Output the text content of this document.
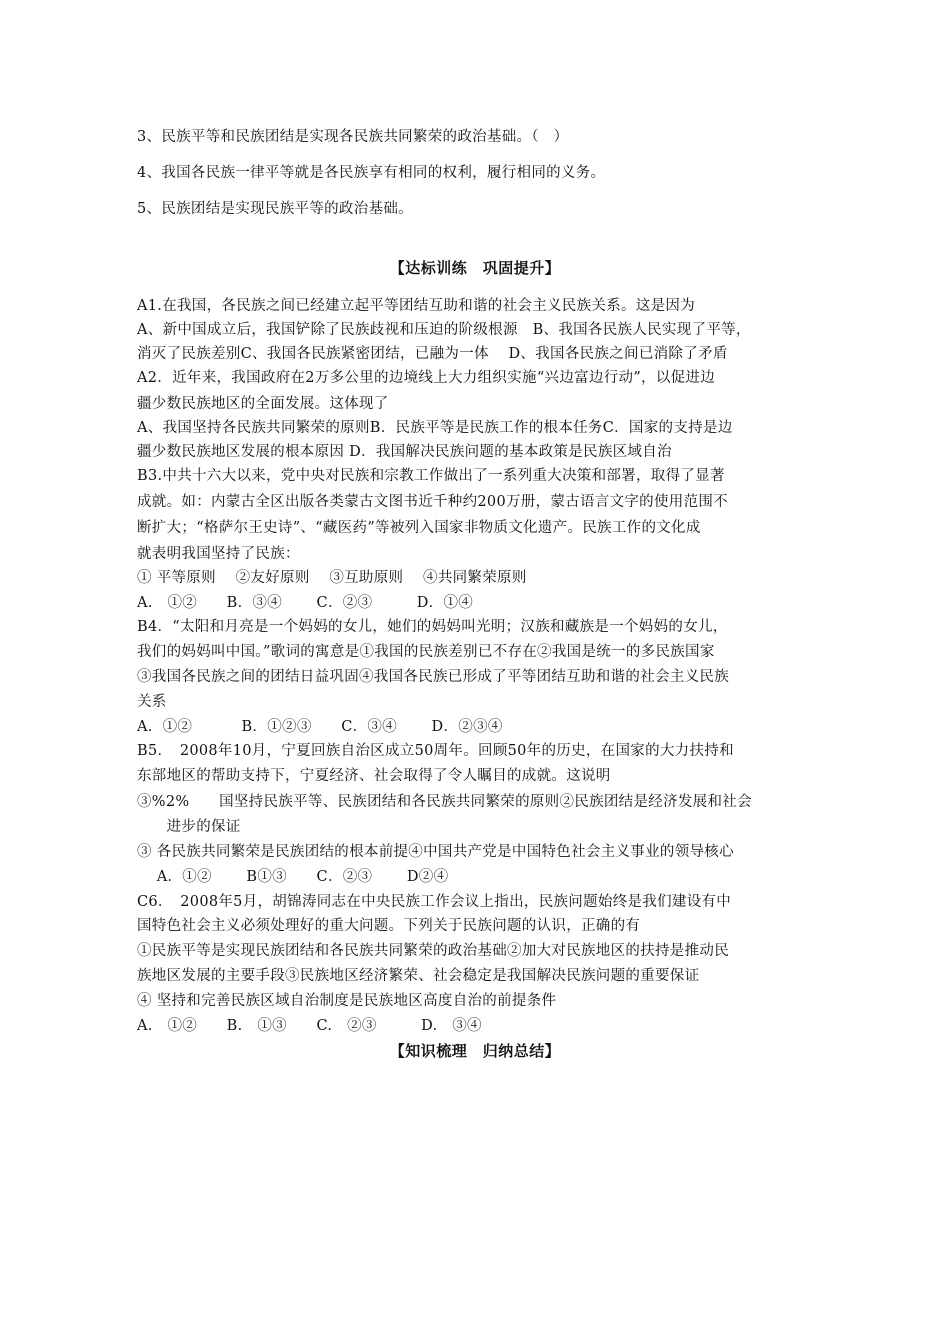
3、民族平等和民族团结是实现各民族共同繁荣的政治基础。（　）

4、我国各民族一律平等就是各民族享有相同的权利，履行相同的义务。

5、民族团结是实现民族平等的政治基础。

【达标训练　巩固提升】

A1.在我国，各民族之间已经建立起平等团结互助和谐的社会主义民族关系。这是因为

A、新中国成立后，我国铲除了民族歧视和压迫的阶级根源　B、我国各民族人民实现了平等，

消灭了民族差别C、我国各民族紧密团结，已融为一体　 D、我国各民族之间已消除了矛盾

A2．近年来，我国政府在2万多公里的边境线上大力组织实施“兴边富边行动”，以促进边

疆少数民族地区的全面发展。这体现了

A、我国坚持各民族共同繁荣的原则B．民族平等是民族工作的根本任务C．国家的支持是边

疆少数民族地区发展的根本原因 D．我国解决民族问题的基本政策是民族区域自治

B3.中共十六大以来，党中央对民族和宗教工作做出了一系列重大决策和部署，取得了显著

成就。如：内蒙古全区出版各类蒙古文图书近千种约200万册，蒙古语言文字的使用范围不

断扩大；“格萨尔王史诗”、“藏医药”等被列入国家非物质文化遗产。民族工作的文化成

就表明我国坚持了民族：

① 平等原则　 ②友好原则　 ③互助原则　 ④共同繁荣原则

A.　①②　　B．③④　　 C．②③　　　D．①④

B4．“太阳和月亮是一个妈妈的女儿，她们的妈妈叫光明；汉族和藏族是一个妈妈的女儿，

我们的妈妈叫中国。”歌词的寓意是①我国的民族差别已不存在②我国是统一的多民族国家

③我国各民族之间的团结日益巩固④我国各民族已形成了平等团结互助和谐的社会主义民族

关系

A．①②　　　 B．①②③　　C．③④　　 D．②③④

B5．　2008年10月，宁夏回族自治区成立50周年。回顾50年的历史，在国家的大力扶持和

东部地区的帮助支持下，宁夏经济、社会取得了令人瞩目的成就。这说明

③%2%　　国坚持民族平等、民族团结和各民族共同繁荣的原则②民族团结是经济发展和社会

　　进步的保证

③ 各民族共同繁荣是民族团结的根本前提④中国共产党是中国特色社会主义事业的领导核心

　 A．①②　　 B①③　　C．②③　　 D②④

C6．　2008年5月，胡锦涛同志在中央民族工作会议上指出，民族问题始终是我们建设有中

国特色社会主义必须处理好的重大问题。下列关于民族问题的认识，正确的有

①民族平等是实现民族团结和各民族共同繁荣的政治基础②加大对民族地区的扶持是推动民

族地区发展的主要手段③民族地区经济繁荣、社会稳定是我国解决民族问题的重要保证

④ 坚持和完善民族区域自治制度是民族地区高度自治的前提条件

A.　①②　　B.　①③　　C.　②③　　　D.　③④

【知识梳理　归纳总结】
